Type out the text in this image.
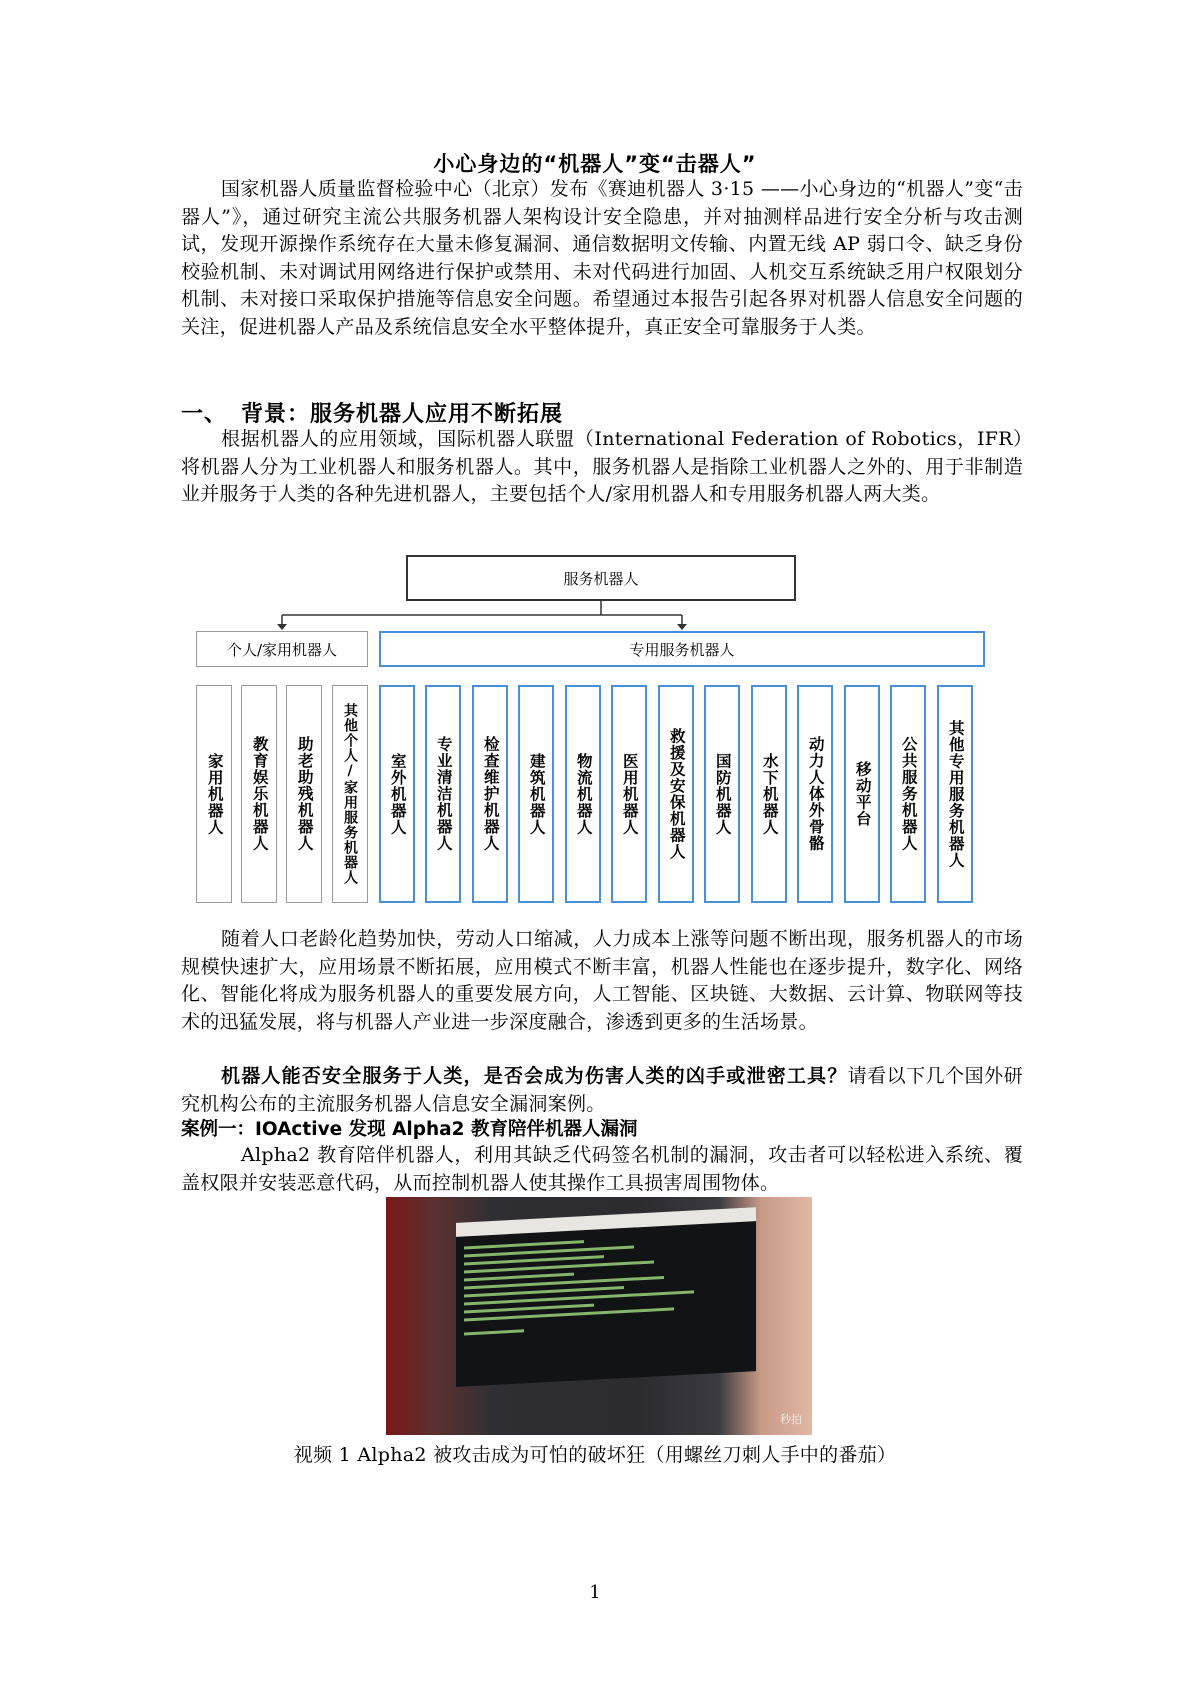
小心身边的“机器人”变“击器人”
国家机器人质量监督检验中心（北京）发布《赛迪机器人 3·15 ——小心身边的“机器人”变“击器人”》，通过研究主流公共服务机器人架构设计安全隐患，并对抽测样品进行安全分析与攻击测试，发现开源操作系统存在大量未修复漏洞、通信数据明文传输、内置无线 AP 弱口令、缺乏身份校验机制、未对调试用网络进行保护或禁用、未对代码进行加固、人机交互系统缺乏用户权限划分机制、未对接口采取保护措施等信息安全问题。希望通过本报告引起各界对机器人信息安全问题的关注，促进机器人产品及系统信息安全水平整体提升，真正安全可靠服务于人类。
一、 背景：服务机器人应用不断拓展
根据机器人的应用领域，国际机器人联盟（International Federation of Robotics，IFR）将机器人分为工业机器人和服务机器人。其中，服务机器人是指除工业机器人之外的、用于非制造业并服务于人类的各种先进机器人，主要包括个人/家用机器人和专用服务机器人两大类。
服务机器人
个人/家用机器人	专用服务机器人
家用机器人	教育娱乐机器人	助老助残机器人	其他个人/家用服务机器人	室外机器人	专业清洁机器人	检查维护机器人	建筑机器人	物流机器人	医用机器人	救援及安保机器人	国防机器人	水下机器人	动力人体外骨骼	移动平台	公共服务机器人	其他专用服务机器人
随着人口老龄化趋势加快，劳动人口缩减，人力成本上涨等问题不断出现，服务机器人的市场规模快速扩大，应用场景不断拓展，应用模式不断丰富，机器人性能也在逐步提升，数字化、网络化、智能化将成为服务机器人的重要发展方向，人工智能、区块链、大数据、云计算、物联网等技术的迅猛发展，将与机器人产业进一步深度融合，渗透到更多的生活场景。
机器人能否安全服务于人类，是否会成为伤害人类的凶手或泄密工具？请看以下几个国外研究机构公布的主流服务机器人信息安全漏洞案例。
案例一：IOActive 发现 Alpha2 教育陪伴机器人漏洞
Alpha2 教育陪伴机器人，利用其缺乏代码签名机制的漏洞，攻击者可以轻松进入系统、覆盖权限并安装恶意代码，从而控制机器人使其操作工具损害周围物体。
秒拍
视频 1 Alpha2 被攻击成为可怕的破坏狂（用螺丝刀刺人手中的番茄）
1
